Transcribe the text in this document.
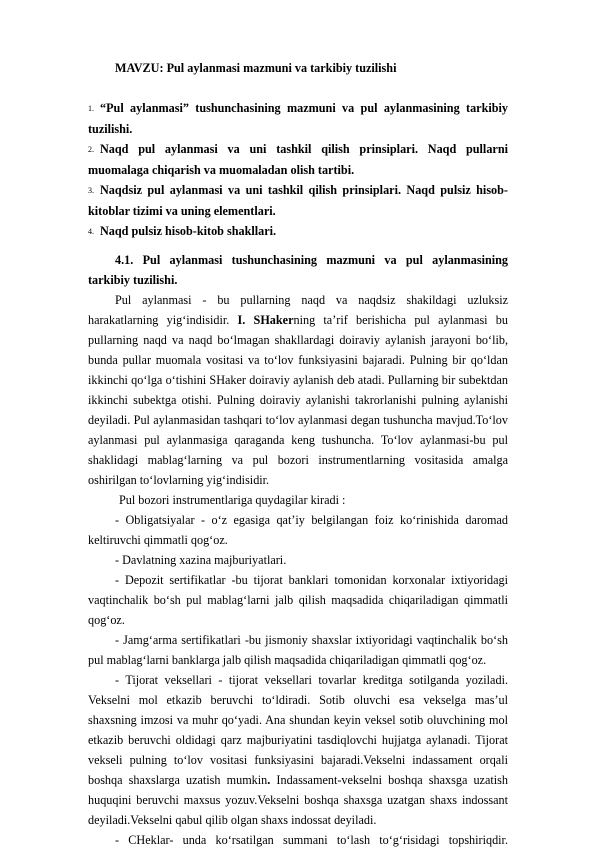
MAVZU: Pul aylanmasi mazmuni va tarkibiy tuzilishi
1. “Pul aylanmasi” tushunchasining mazmuni va pul aylanmasining tarkibiy tuzilishi.
2. Naqd pul aylanmasi va uni tashkil qilish prinsiplari. Naqd pullarni muomalaga chiqarish va muomaladan olish tartibi.
3. Naqdsiz pul aylanmasi va uni tashkil qilish prinsiplari. Naqd pulsiz hisob-kitoblar tizimi va uning elementlari.
4. Naqd pulsiz hisob-kitob shakllari.
4.1. Pul aylanmasi tushunchasining mazmuni va pul aylanmasining tarkibiy tuzilishi.
Pul aylanmasi - bu pullarning naqd va naqdsiz shakildagi uzluksiz harakatlarning yig‘indisidir. I. SHakerning ta’rif berishicha pul aylanmasi bu pullarning naqd va naqd bo‘lmagan shakllardagi doiraviy aylanish jarayoni bo‘lib, bunda pullar muomala vositasi va to‘lov funksiyasini bajaradi. Pulning bir qo‘ldan ikkinchi qo‘lga o‘tishini SHaker doiraviy aylanish deb atadi. Pullarning bir subektdan ikkinchi subektga otishi. Pulning doiraviy aylanishi takrorlanishi pulning aylanishi deyiladi. Pul aylanmasidan tashqari to‘lov aylanmasi degan tushuncha mavjud.To‘lov aylanmasi pul aylanmasiga qaraganda keng tushuncha. To‘lov aylanmasi-bu pul shaklidagi mablag‘larning va pul bozori instrumentlarning vositasida amalga oshirilgan to‘lovlarning yig‘indisidir.
Pul bozori instrumentlariga quydagilar kiradi :
- Obligatsiyalar - o‘z egasiga qat’iy belgilangan foiz ko‘rinishida daromad keltiruvchi qimmatli qog‘oz.
- Davlatning xazina majburiyatlari.
- Depozit sertifikatlar -bu tijorat banklari tomonidan korxonalar ixtiyoridagi vaqtinchalik bo‘sh pul mablag‘larni jalb qilish maqsadida chiqariladigan qimmatli qog‘oz.
- Jamg‘arma sertifikatlari -bu jismoniy shaxslar ixtiyoridagi vaqtinchalik bo‘sh pul mablag‘larni banklarga jalb qilish maqsadida chiqariladigan qimmatli qog‘oz.
- Tijorat veksellari - tijorat veksellari tovarlar kreditga sotilganda yoziladi. Vekselni mol etkazib beruvchi to‘ldiradi. Sotib oluvchi esa vekselga mas’ul shaxsning imzosi va muhr qo‘yadi. Ana shundan keyin veksel sotib oluvchining mol etkazib beruvchi oldidagi qarz majburiyatini tasdiqlovchi hujjatga aylanadi. Tijorat vekseli pulning to‘lov vositasi funksiyasini bajaradi.Vekselni indassament orqali boshqa shaxslarga uzatish mumkin. Indassament-vekselni boshqa shaxsga uzatish huquqini beruvchi maxsus yozuv.Vekselni boshqa shaxsga uzatgan shaxs indossant deyiladi.Vekselni qabul qilib olgan shaxs indossat deyiladi.
- CHeklar- unda ko‘rsatilgan summani to‘lash to‘g‘risidagi topshiriqdir.
